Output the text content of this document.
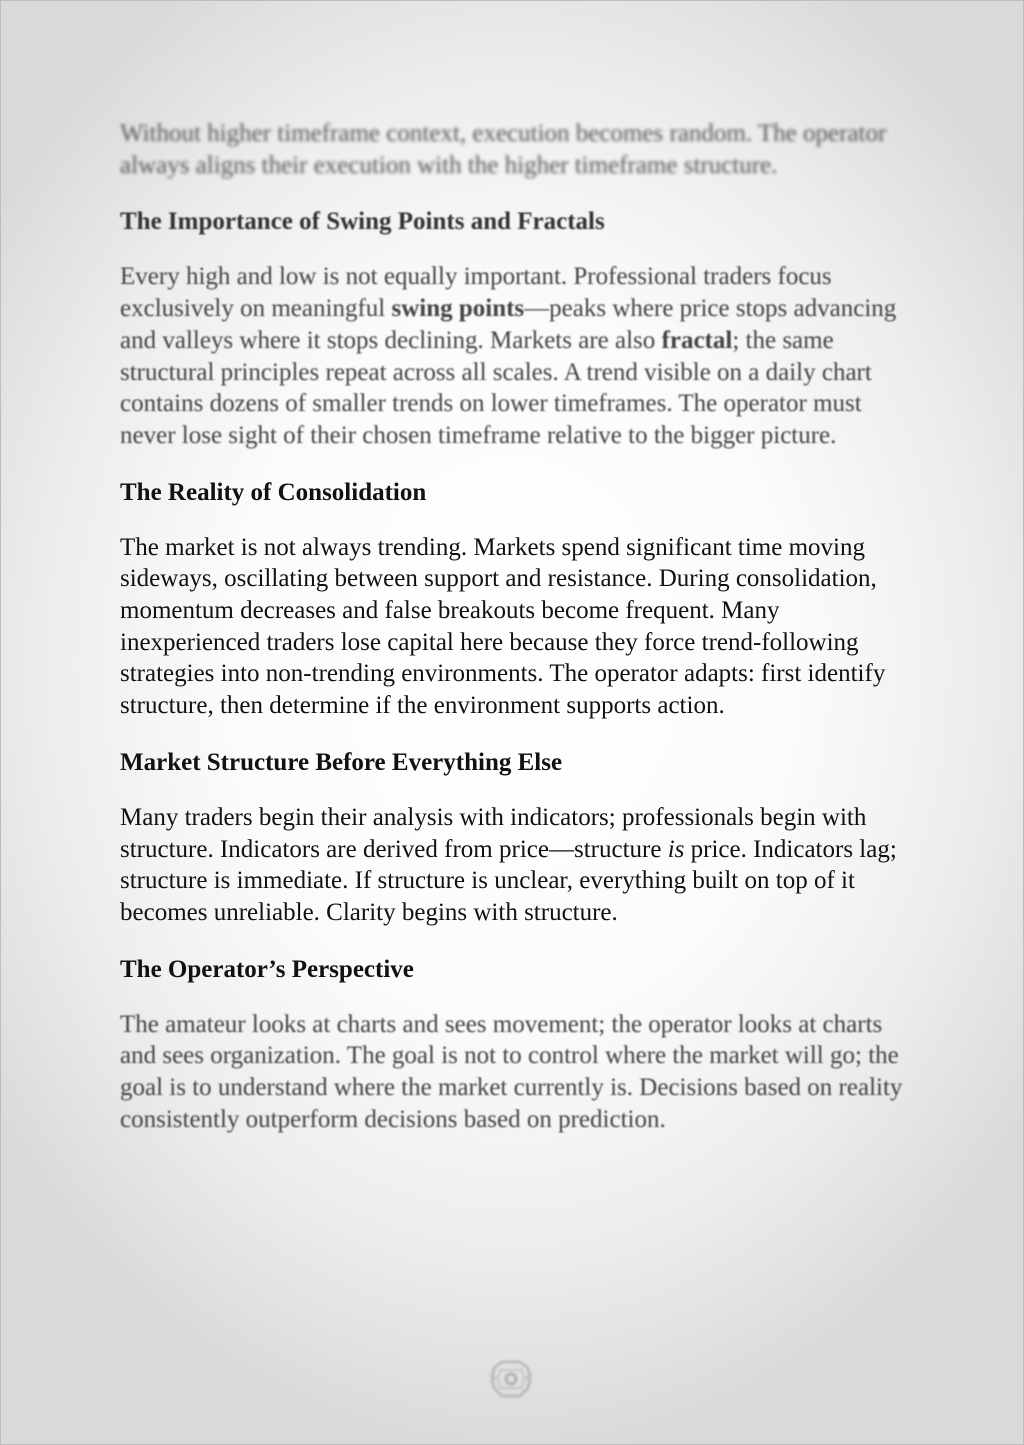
Without higher timeframe context, execution becomes random. The operator always aligns their execution with the higher timeframe structure.

The Importance of Swing Points and Fractals

Every high and low is not equally important. Professional traders focus exclusively on meaningful swing points—peaks where price stops advancing and valleys where it stops declining. Markets are also fractal; the same structural principles repeat across all scales. A trend visible on a daily chart contains dozens of smaller trends on lower timeframes. The operator must never lose sight of their chosen timeframe relative to the bigger picture.

The Reality of Consolidation

The market is not always trending. Markets spend significant time moving sideways, oscillating between support and resistance. During consolidation, momentum decreases and false breakouts become frequent. Many inexperienced traders lose capital here because they force trend-following strategies into non-trending environments. The operator adapts: first identify structure, then determine if the environment supports action.

Market Structure Before Everything Else

Many traders begin their analysis with indicators; professionals begin with structure. Indicators are derived from price—structure is price. Indicators lag; structure is immediate. If structure is unclear, everything built on top of it becomes unreliable. Clarity begins with structure.

The Operator’s Perspective

The amateur looks at charts and sees movement; the operator looks at charts and sees organization. The goal is not to control where the market will go; the goal is to understand where the market currently is. Decisions based on reality consistently outperform decisions based on prediction.
